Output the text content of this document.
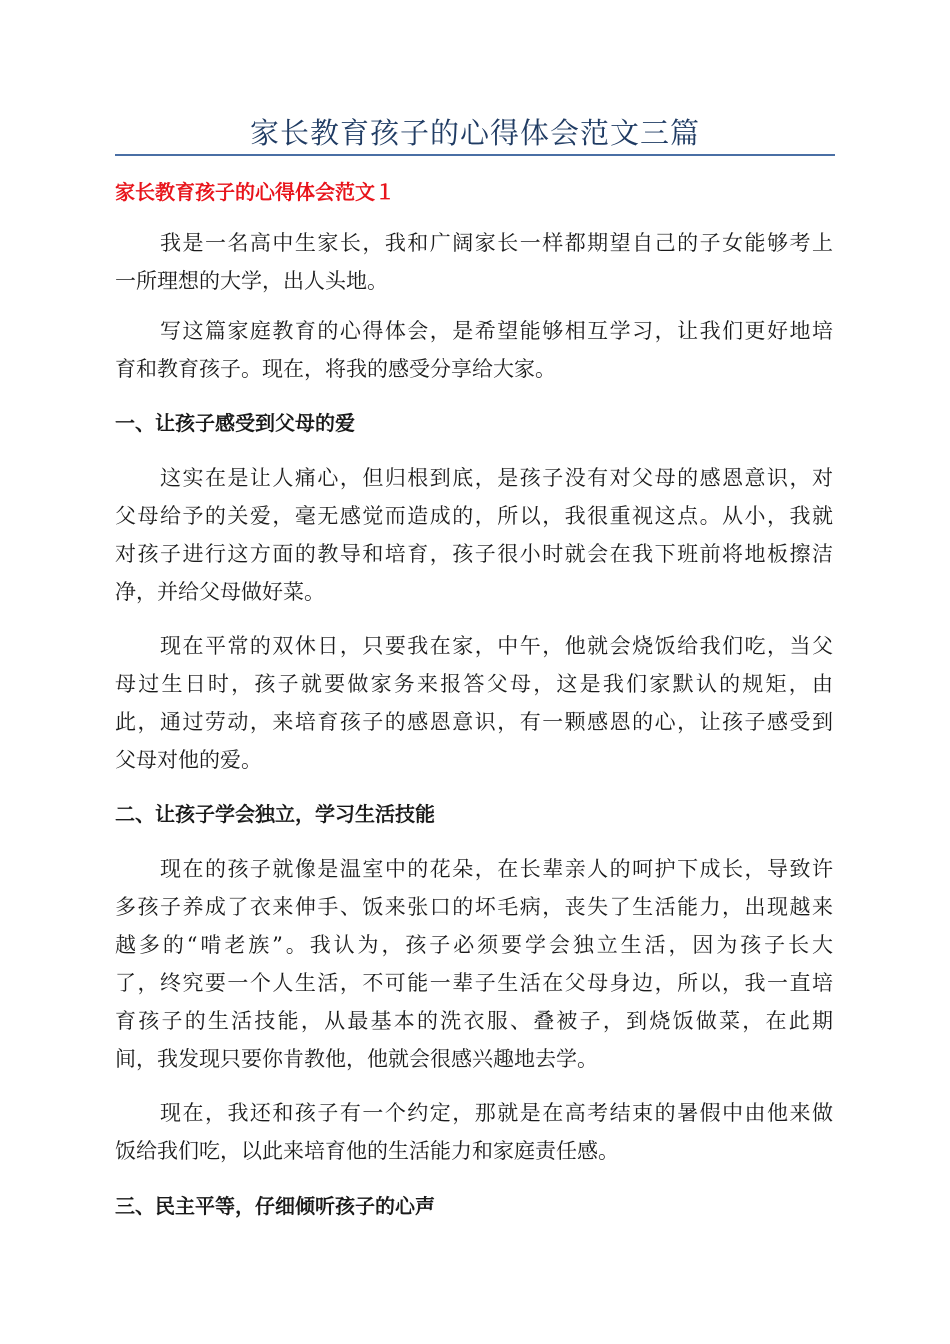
家长教育孩子的心得体会范文三篇
家长教育孩子的心得体会范文１

我是一名高中生家长，我和广阔家长一样都期望自己的子女能够考上
一所理想的大学，出人头地。

写这篇家庭教育的心得体会，是希望能够相互学习，让我们更好地培
育和教育孩子。现在，将我的感受分享给大家。

一、让孩子感受到父母的爱

这实在是让人痛心，但归根到底，是孩子没有对父母的感恩意识，对
父母给予的关爱，毫无感觉而造成的，所以，我很重视这点。从小，我就
对孩子进行这方面的教导和培育，孩子很小时就会在我下班前将地板擦洁
净，并给父母做好菜。

现在平常的双休日，只要我在家，中午，他就会烧饭给我们吃，当父
母过生日时，孩子就要做家务来报答父母，这是我们家默认的规矩，由
此，通过劳动，来培育孩子的感恩意识，有一颗感恩的心，让孩子感受到
父母对他的爱。

二、让孩子学会独立，学习生活技能

现在的孩子就像是温室中的花朵，在长辈亲人的呵护下成长，导致许
多孩子养成了衣来伸手、饭来张口的坏毛病，丧失了生活能力，出现越来
越多的“啃老族”。我认为，孩子必须要学会独立生活，因为孩子长大
了，终究要一个人生活，不可能一辈子生活在父母身边，所以，我一直培
育孩子的生活技能，从最基本的洗衣服、叠被子，到烧饭做菜，在此期
间，我发现只要你肯教他，他就会很感兴趣地去学。

现在，我还和孩子有一个约定，那就是在高考结束的暑假中由他来做
饭给我们吃，以此来培育他的生活能力和家庭责任感。

三、民主平等，仔细倾听孩子的心声
